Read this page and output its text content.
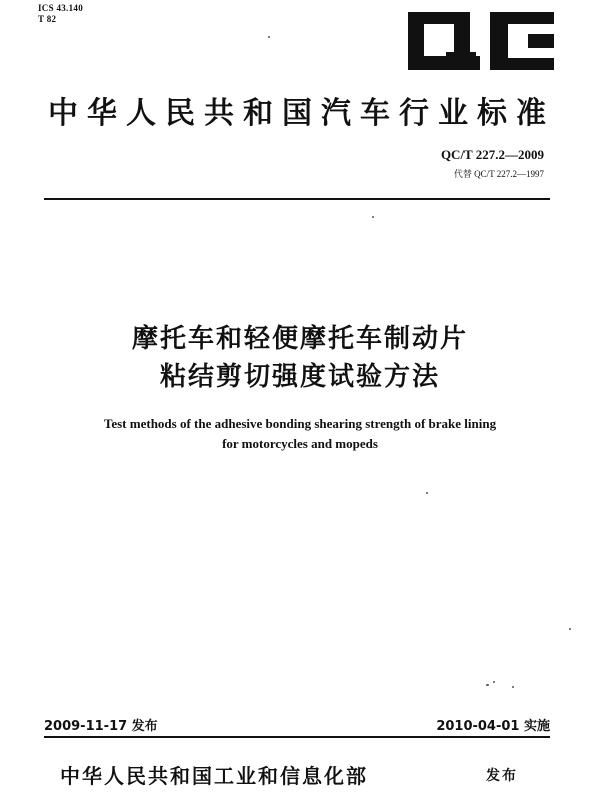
ICS 43.140
T 82
中华人民共和国汽车行业标准
QC/T 227.2—2009
代替 QC/T 227.2—1997
摩托车和轻便摩托车制动片
粘结剪切强度试验方法
Test methods of the adhesive bonding shearing strength of brake lining
for motorcycles and mopeds
2009-11-17 发布	2010-04-01 实施
中华人民共和国工业和信息化部	发布
